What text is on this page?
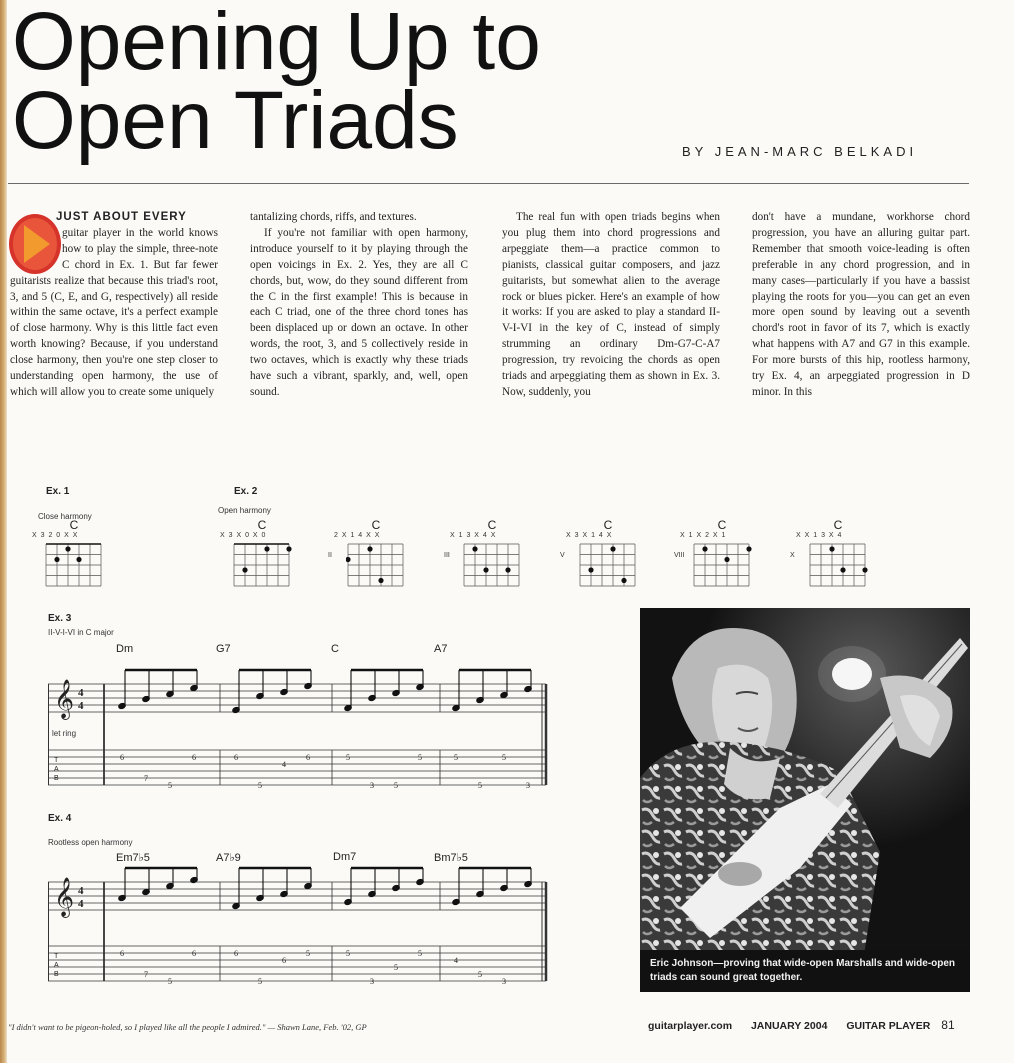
Opening Up to
Open Triads	BY JEAN-MARC BELKADI

JUST ABOUT EVERY

guitar player in the world knows how to play the simple, three-note C chord in Ex. 1. But far fewer guitarists realize that because this triad's root, 3, and 5 (C, E, and G, respectively) all reside within the same octave, it's a perfect example of close harmony. Why is this little fact even worth knowing? Because, if you understand close harmony, then you're one step closer to understanding open harmony, the use of which will allow you to create some uniquely

tantalizing chords, riffs, and textures.

If you're not familiar with open harmony, introduce yourself to it by playing through the open voicings in Ex. 2. Yes, they are all C chords, but, wow, do they sound different from the C in the first example! This is because in each C triad, one of the three chord tones has been displaced up or down an octave. In other words, the root, 3, and 5 collectively reside in two octaves, which is exactly why these triads have such a vibrant, sparkly, and, well, open sound.

The real fun with open triads begins when you plug them into chord progressions and arpeggiate them—a practice common to pianists, classical guitar composers, and jazz guitarists, but somewhat alien to the average rock or blues picker. Here's an example of how it works: If you are asked to play a standard II-V-I-VI in the key of C, instead of simply strumming an ordinary Dm-G7-C-A7 progression, try revoicing the chords as open triads and arpeggiating them as shown in Ex. 3. Now, suddenly, you

don't have a mundane, workhorse chord progression, you have an alluring guitar part. Remember that smooth voice-leading is often preferable in any chord progression, and in many cases—particularly if you have a bassist playing the roots for you—you can get an even more open sound by leaving out a seventh chord's root in favor of its 7, which is exactly what happens with A7 and G7 in this example. For more bursts of this hip, rootless harmony, try Ex. 4, an arpeggiated progression in D minor. In this

Ex. 1
Close harmony
Ex. 2
Open harmony
C
X 3 2 0 X X
C
X 3 X 0 X 0
C
2 X 1 4 X X
II
C
X 1 3 X 4 X
III
C
X 3 X 1 4 X
V
C
X 1 X 2 X 1
VIII
C
X X 1 3 X 4
X
Ex. 3
II-V-I-VI in C major
Dm	G7	C	A7
let ring
𝄞 4
4
T
A
B
6
7
5
6	6
5
4
6	5
3	5
5	5
5
5
3
Ex. 4
Rootless open harmony
Em7♭5	A7♭9	Dm7	Bm7♭5
𝄞 4
4
T
A
B
6
7
5
6	6
5
6
5	5
3
5
5
4
5
3
Eric Johnson—proving that wide-open Marshalls and wide-open triads can sound great together.
"I didn't want to be pigeon-holed, so I played like all the people I admired." — Shawn Lane, Feb. '02, GP	guitarplayer.com JANUARY 2004 GUITAR PLAYER 81
